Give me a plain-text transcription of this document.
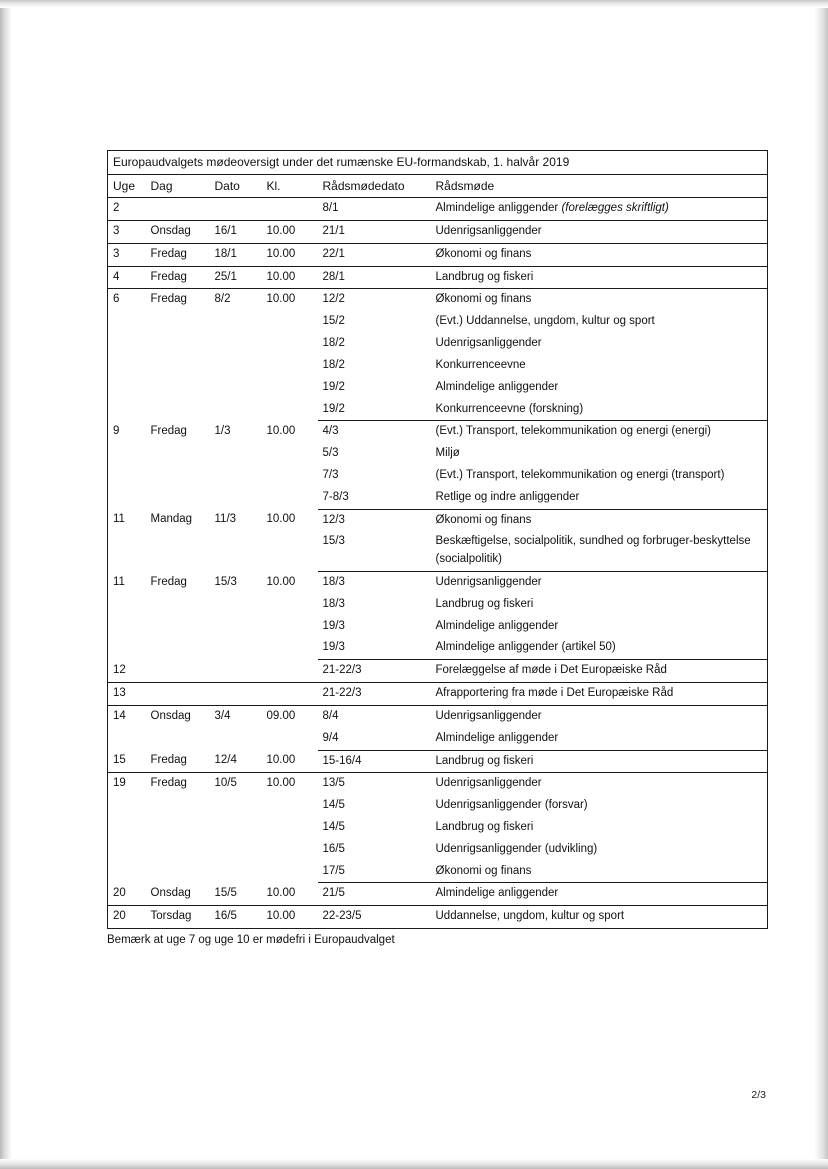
Europaudvalgets mødeoversigt under det rumænske EU-formandskab, 1. halvår 2019					
Uge	Dag	Dato	Kl.	Rådsmødedato	Rådsmøde
2				8/1	Almindelige anliggender (forelægges skriftligt)
3	Onsdag	16/1	10.00	21/1	Udenrigsanliggender
3	Fredag	18/1	10.00	22/1	Økonomi og finans
4	Fredag	25/1	10.00	28/1	Landbrug og fiskeri
6	Fredag	8/2	10.00	12/2	Økonomi og finans
				15/2	(Evt.) Uddannelse, ungdom, kultur og sport
				18/2	Udenrigsanliggender
				18/2	Konkurrenceevne
				19/2	Almindelige anliggender
				19/2	Konkurrenceevne (forskning)
9	Fredag	1/3	10.00	4/3	(Evt.) Transport, telekommunikation og energi (energi)
				5/3	Miljø
				7/3	(Evt.) Transport, telekommunikation og energi (transport)
				7-8/3	Retlige og indre anliggender
11	Mandag	11/3	10.00	12/3	Økonomi og finans
				15/3	Beskæftigelse, socialpolitik, sundhed og forbruger-beskyttelse (socialpolitik)
11	Fredag	15/3	10.00	18/3	Udenrigsanliggender
				18/3	Landbrug og fiskeri
				19/3	Almindelige anliggender
				19/3	Almindelige anliggender (artikel 50)
12				21-22/3	Forelæggelse af møde i Det Europæiske Råd
13				21-22/3	Afrapportering fra møde i Det Europæiske Råd
14	Onsdag	3/4	09.00	8/4	Udenrigsanliggender
				9/4	Almindelige anliggender
15	Fredag	12/4	10.00	15-16/4	Landbrug og fiskeri
19	Fredag	10/5	10.00	13/5	Udenrigsanliggender
				14/5	Udenrigsanliggender (forsvar)
				14/5	Landbrug og fiskeri
				16/5	Udenrigsanliggender (udvikling)
				17/5	Økonomi og finans
20	Onsdag	15/5	10.00	21/5	Almindelige anliggender
20	Torsdag	16/5	10.00	22-23/5	Uddannelse, ungdom, kultur og sport
Bemærk at uge 7 og uge 10 er mødefri i Europaudvalget
2/3
